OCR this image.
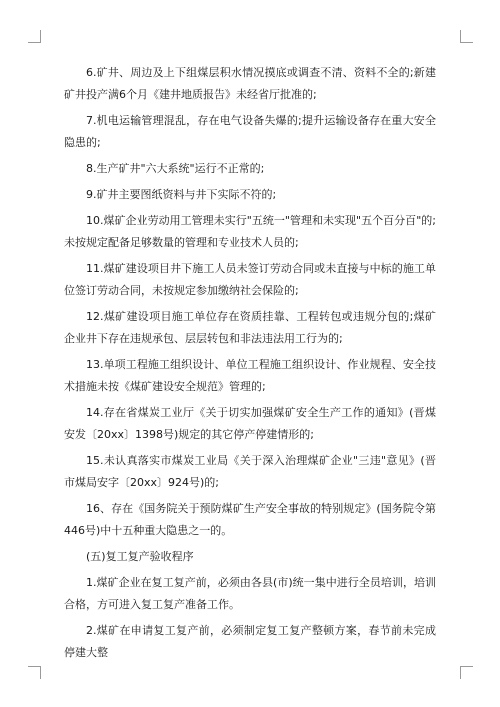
6.矿井、周边及上下组煤层积水情况摸底或调查不清、资料不全的;新建矿井投产满6个月《建井地质报告》未经省厅批准的;

7.机电运输管理混乱，存在电气设备失爆的;提升运输设备存在重大安全隐患的;

8.生产矿井"六大系统"运行不正常的;

9.矿井主要图纸资料与井下实际不符的;

10.煤矿企业劳动用工管理未实行"五统一"管理和未实现"五个百分百"的;未按规定配备足够数量的管理和专业技术人员的;

11.煤矿建设项目井下施工人员未签订劳动合同或未直接与中标的施工单位签订劳动合同，未按规定参加缴纳社会保险的;

12.煤矿建设项目施工单位存在资质挂靠、工程转包或违规分包的;煤矿企业井下存在违规承包、层层转包和非法违法用工行为的;

13.单项工程施工组织设计、单位工程施工组织设计、作业规程、安全技术措施未按《煤矿建设安全规范》管理的;

14.存在省煤炭工业厅《关于切实加强煤矿安全生产工作的通知》(晋煤安发〔20xx〕1398号)规定的其它停产停建情形的;

15.未认真落实市煤炭工业局《关于深入治理煤矿企业"三违"意见》(晋市煤局安字〔20xx〕924号)的;

16、存在《国务院关于预防煤矿生产安全事故的特别规定》(国务院令第446号)中十五种重大隐患之一的。

(五)复工复产验收程序

1.煤矿企业在复工复产前，必须由各县(市)统一集中进行全员培训，培训合格，方可进入复工复产准备工作。

2.煤矿在申请复工复产前，必须制定复工复产整顿方案，春节前未完成停建大整
